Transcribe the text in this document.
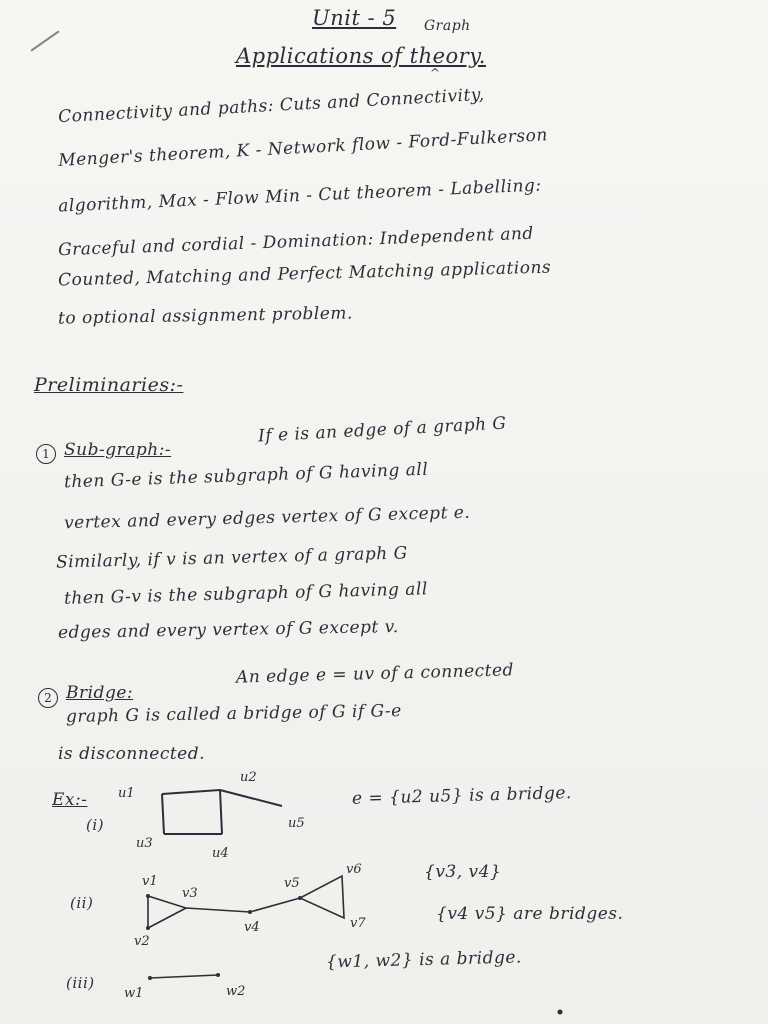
Unit - 5 Graph
Applications of theory.
^
Connectivity and paths: Cuts and Connectivity,
Menger's theorem, K - Network flow - Ford-Fulkerson
algorithm, Max - Flow Min - Cut theorem - Labelling:
Graceful and cordial - Domination: Independent and
Counted, Matching and Perfect Matching applications
to optional assignment problem.
Preliminaries:-
1 Sub-graph:-
If e is an edge of a graph G
then G-e is the subgraph of G having all
vertex and every edges vertex of G except e.
Similarly, if v is an vertex of a graph G
then G-v is the subgraph of G having all
edges and every vertex of G except v.
2 Bridge:
An edge e = uv of a connected
graph G is called a bridge of G if G-e
is disconnected.
Ex:-
(i)
(ii)
(iii)
u1
u2
u3
u4
u5
e = {u2 u5} is a bridge.
v1
v2
v3
v4
v5
v6
v7
{v3, v4}
{v4 v5} are bridges.
w1	w2
{w1, w2} is a bridge.
